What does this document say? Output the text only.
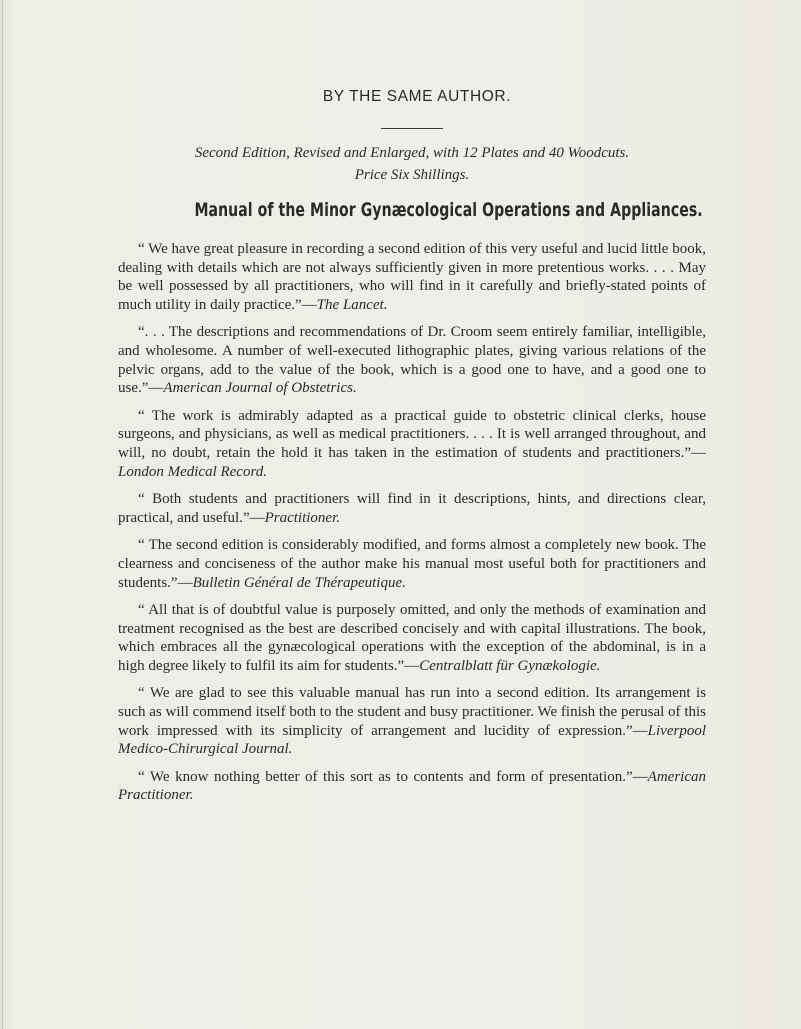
BY THE SAME AUTHOR.
Second Edition, Revised and Enlarged, with 12 Plates and 40 Woodcuts.
Price Six Shillings.
Manual of the Minor Gynæcological Operations and Appliances.

“ We have great pleasure in recording a second edition of this very useful and lucid little book, dealing with details which are not always sufficiently given in more pretentious works. . . . May be well possessed by all practitioners, who will find in it carefully and briefly-stated points of much utility in daily practice.”—The Lancet.

“. . . The descriptions and recommendations of Dr. Croom seem entirely familiar, intelligible, and wholesome. A number of well-executed lithographic plates, giving various relations of the pelvic organs, add to the value of the book, which is a good one to have, and a good one to use.”—American Journal of Obstetrics.

“ The work is admirably adapted as a practical guide to obstetric clinical clerks, house surgeons, and physicians, as well as medical practitioners. . . . It is well arranged throughout, and will, no doubt, retain the hold it has taken in the estimation of students and practitioners.”—London Medical Record.

“ Both students and practitioners will find in it descriptions, hints, and directions clear, practical, and useful.”—Practitioner.

“ The second edition is considerably modified, and forms almost a completely new book. The clearness and conciseness of the author make his manual most useful both for practitioners and students.”—Bulletin Général de Thérapeutique.

“ All that is of doubtful value is purposely omitted, and only the methods of examination and treatment recognised as the best are described concisely and with capital illustrations. The book, which embraces all the gynæcological operations with the exception of the abdominal, is in a high degree likely to fulfil its aim for students.”—Centralblatt für Gynækologie.

“ We are glad to see this valuable manual has run into a second edition. Its arrangement is such as will commend itself both to the student and busy practitioner. We finish the perusal of this work impressed with its simplicity of arrangement and lucidity of expression.”—Liverpool Medico-Chirurgical Journal.

“ We know nothing better of this sort as to contents and form of presentation.”—American Practitioner.
